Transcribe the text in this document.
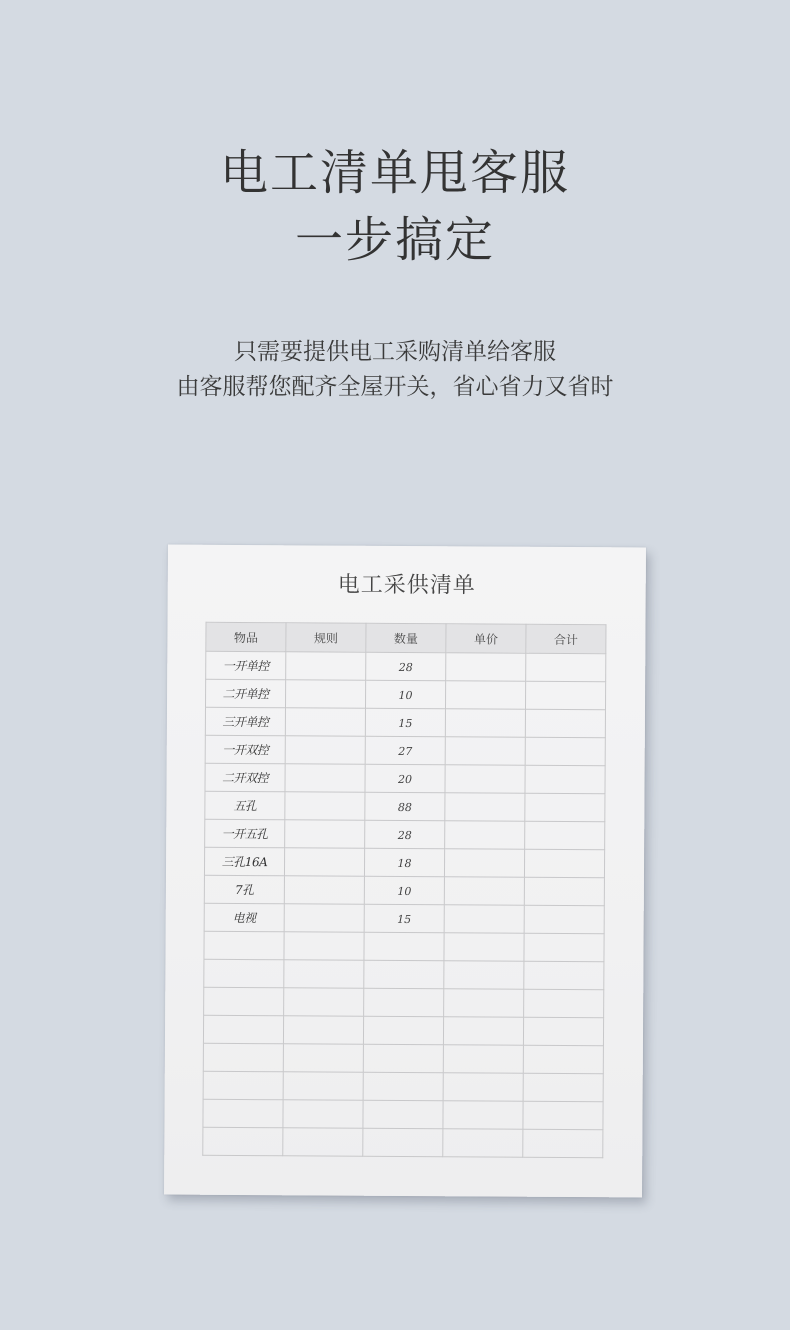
电工清单甩客服
一步搞定
只需要提供电工采购清单给客服
由客服帮您配齐全屋开关，省心省力又省时
电工采供清单
物品	规则	数量	单价	合计
一开单控		28		
二开单控		10		
三开单控		15		
一开双控		27		
二开双控		20		
五孔		88		
一开五孔		28		
三孔16A		18		
7孔		10		
电视		15		
